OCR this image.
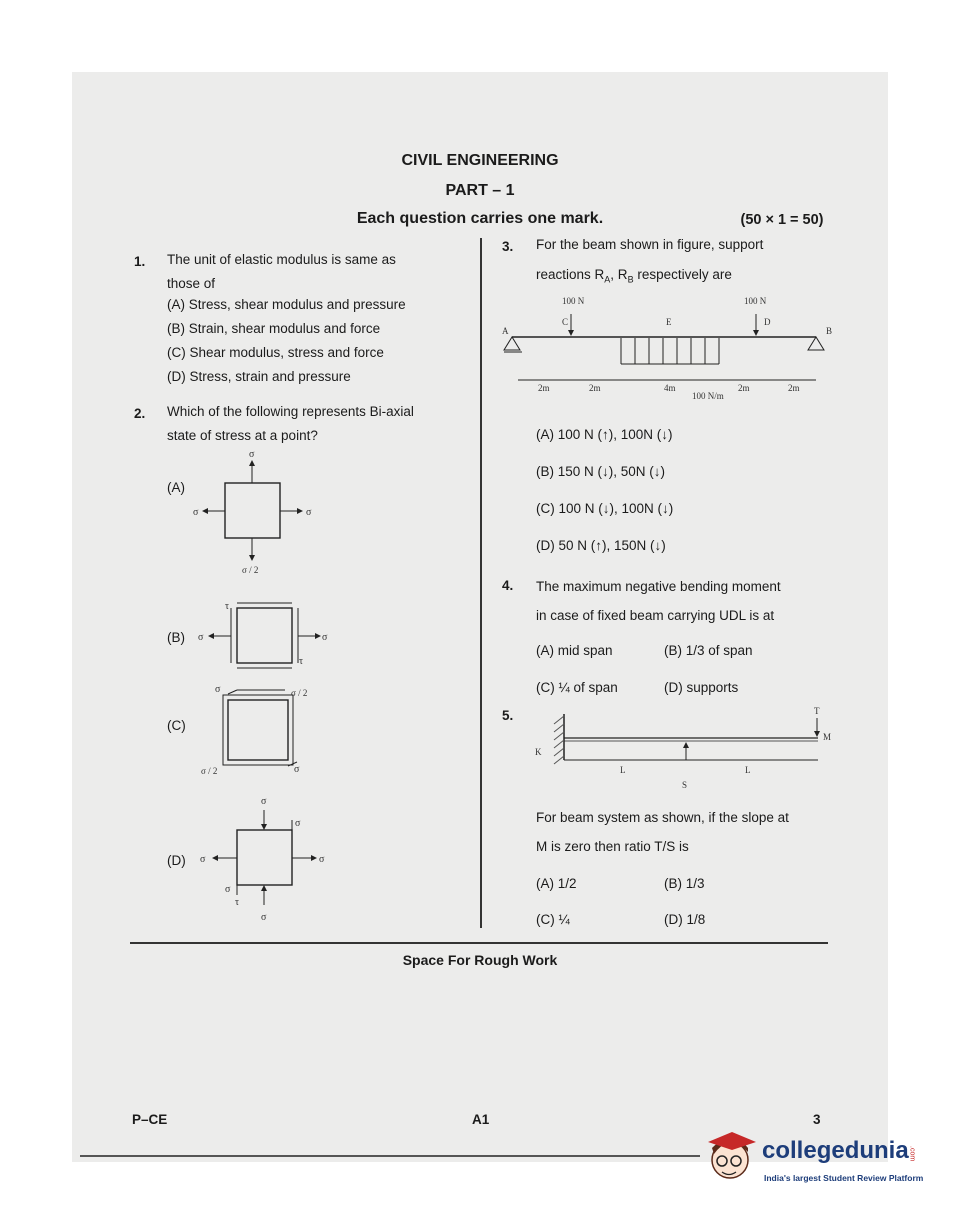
CIVIL ENGINEERING
PART – 1
Each question carries one mark.	(50 × 1 = 50)
1. The unit of elastic modulus is same as
those of
(A) Stress, shear modulus and pressure
(B) Strain, shear modulus and force
(C) Shear modulus, stress and force
(D) Stress, strain and pressure
2. Which of the following represents Bi-axial
state of stress at a point?
(A)
(B)
(C)
(D)
σ
σ	σ
σ / 2
σ	σ
τ
τ
σ	σ / 2
σ / 2	σ
σ
σ
σ	σ
σ
τ
σ
3. For the beam shown in figure, support
reactions $R_A$, $R_B$ respectively are
A	B
100 N	100 N
C	E	D
2m	2m	4m	2m	2m
100 N/m
(A) 100 N (↑), 100N (↓)
(B) 150 N (↓), 50N (↓)
(C) 100 N (↓), 100N (↓)
(D) 50 N (↑), 150N (↓)
4. The maximum negative bending moment
in case of fixed beam carrying UDL is at
(A) mid span	(B) 1/3 of span
(C) ¼ of span	(D) supports
5.	T
M
K
L	L
S
For beam system as shown, if the slope at
M is zero then ratio T/S is
(A) 1/2	(B) 1/3
(C) ¼	(D) 1/8
Space For Rough Work
P–CE	A1	3
collegedunia.com
India's largest Student Review Platform
